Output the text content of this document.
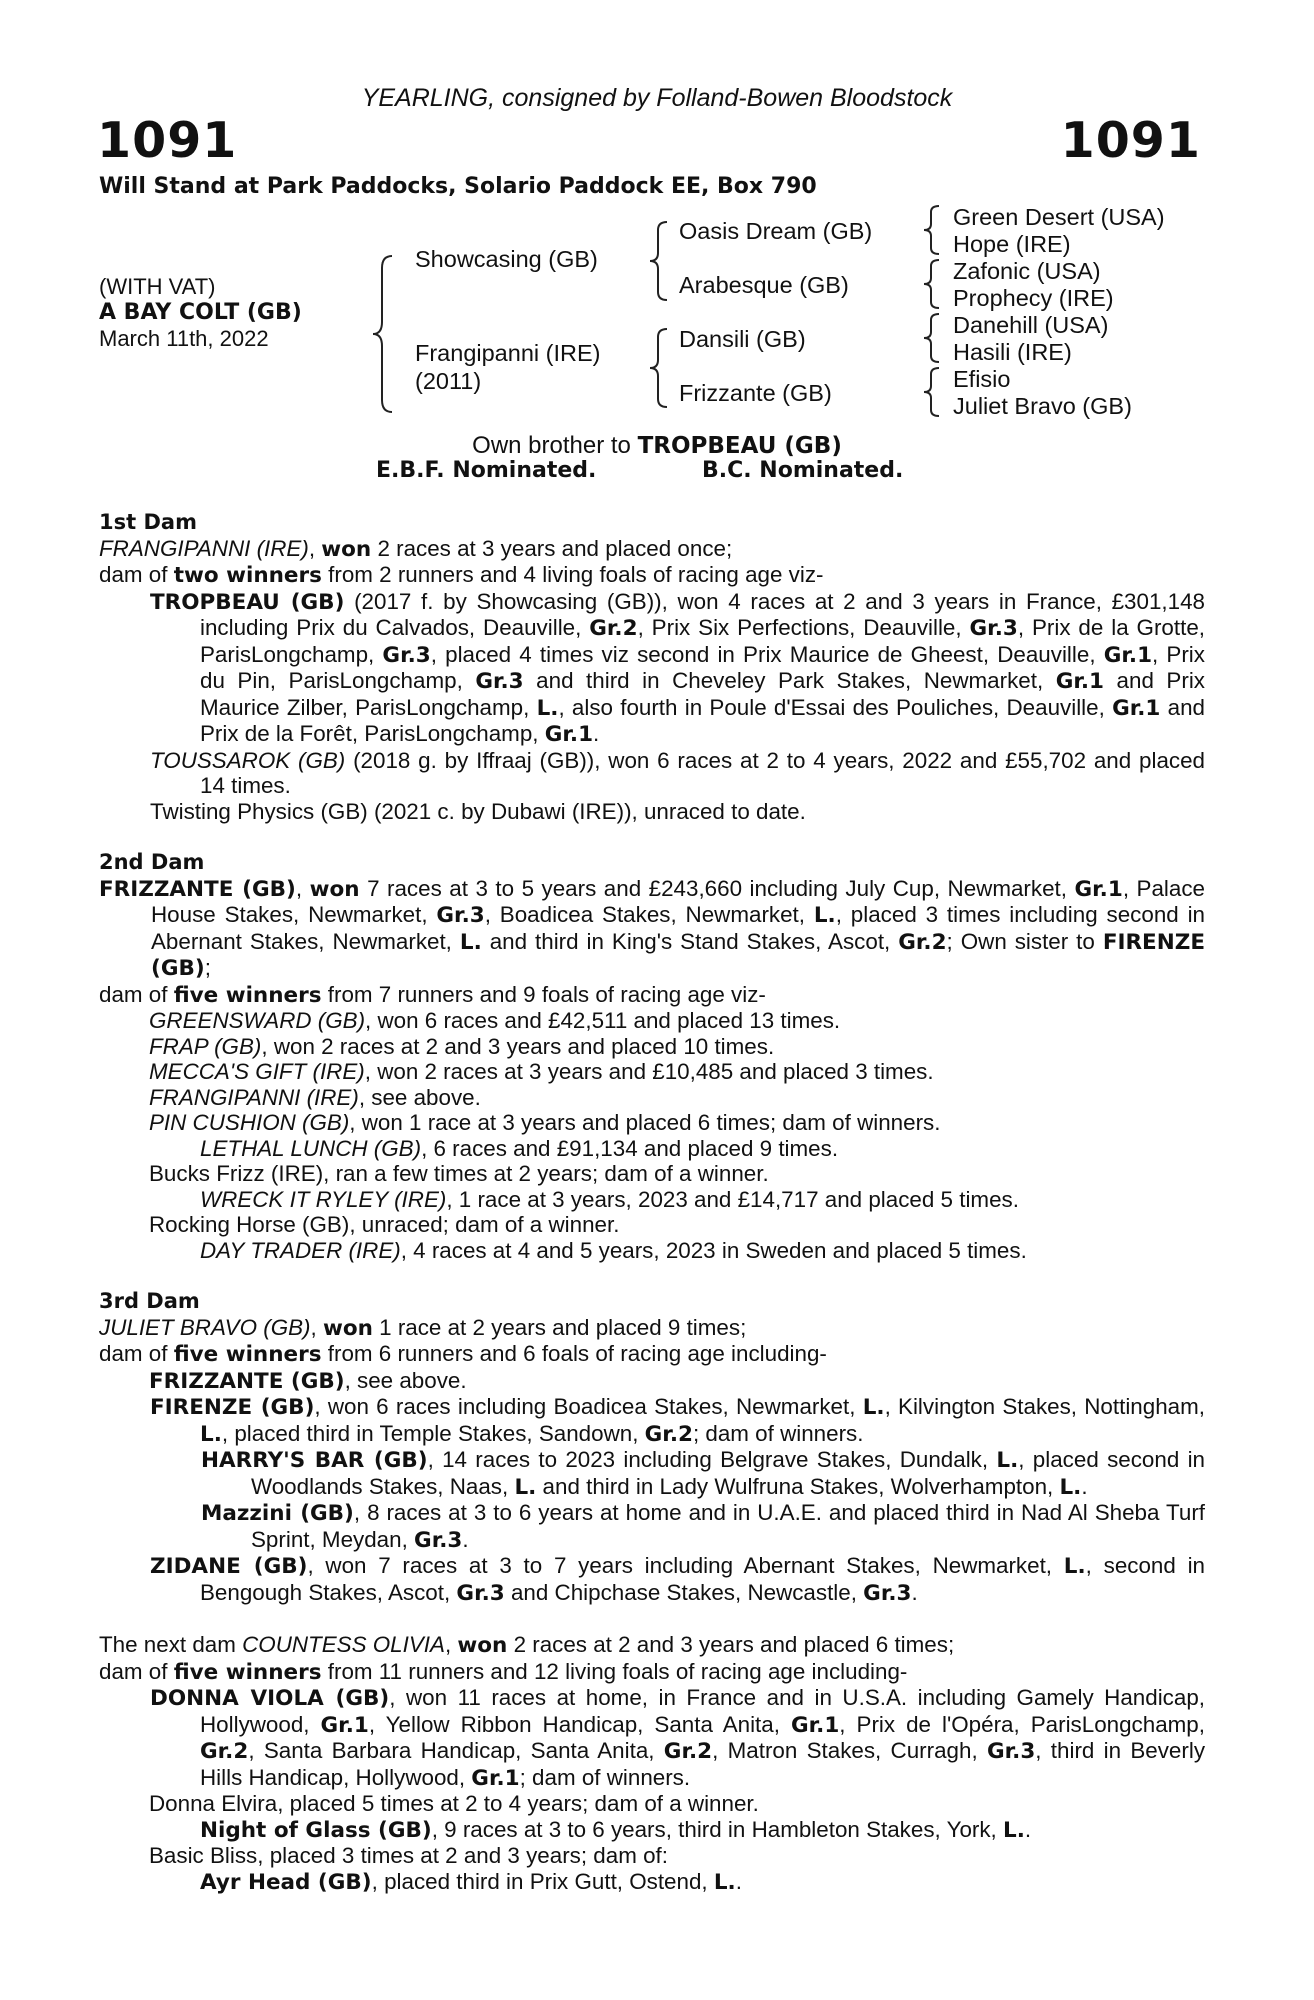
YEARLING, consigned by Folland-Bowen Bloodstock
1091	1091
Will Stand at Park Paddocks, Solario Paddock EE, Box 790
(WITH VAT)
A BAY COLT (GB)
March 11th, 2022
Showcasing (GB)
Frangipanni (IRE)
(2011)
Oasis Dream (GB)
Arabesque (GB)
Dansili (GB)
Frizzante (GB)
Green Desert (USA)
Hope (IRE)
Zafonic (USA)
Prophecy (IRE)
Danehill (USA)
Hasili (IRE)
Efisio
Juliet Bravo (GB)
Own brother to TROPBEAU (GB)
E.B.F. Nominated.	B.C. Nominated.
1st Dam

FRANGIPANNI (IRE), won 2 races at 3 years and placed once;

dam of two winners from 2 runners and 4 living foals of racing age viz-

TROPBEAU (GB) (2017 f. by Showcasing (GB)), won 4 races at 2 and 3 years in France, £301,148 including Prix du Calvados, Deauville, Gr.2, Prix Six Perfections, Deauville, Gr.3, Prix de la Grotte, ParisLongchamp, Gr.3, placed 4 times viz second in Prix Maurice de Gheest, Deauville, Gr.1, Prix du Pin, ParisLongchamp, Gr.3 and third in Cheveley Park Stakes, Newmarket, Gr.1 and Prix Maurice Zilber, ParisLongchamp, L., also fourth in Poule d'Essai des Pouliches, Deauville, Gr.1 and Prix de la Forêt, ParisLongchamp, Gr.1.

TOUSSAROK (GB) (2018 g. by Iffraaj (GB)), won 6 races at 2 to 4 years, 2022 and £55,702 and placed 14 times.

Twisting Physics (GB) (2021 c. by Dubawi (IRE)), unraced to date.

2nd Dam

FRIZZANTE (GB), won 7 races at 3 to 5 years and £243,660 including July Cup, Newmarket, Gr.1, Palace House Stakes, Newmarket, Gr.3, Boadicea Stakes, Newmarket, L., placed 3 times including second in Abernant Stakes, Newmarket, L. and third in King's Stand Stakes, Ascot, Gr.2; Own sister to FIRENZE (GB);

dam of five winners from 7 runners and 9 foals of racing age viz-

GREENSWARD (GB), won 6 races and £42,511 and placed 13 times.

FRAP (GB), won 2 races at 2 and 3 years and placed 10 times.

MECCA'S GIFT (IRE), won 2 races at 3 years and £10,485 and placed 3 times.

FRANGIPANNI (IRE), see above.

PIN CUSHION (GB), won 1 race at 3 years and placed 6 times; dam of winners.

LETHAL LUNCH (GB), 6 races and £91,134 and placed 9 times.

Bucks Frizz (IRE), ran a few times at 2 years; dam of a winner.

WRECK IT RYLEY (IRE), 1 race at 3 years, 2023 and £14,717 and placed 5 times.

Rocking Horse (GB), unraced; dam of a winner.

DAY TRADER (IRE), 4 races at 4 and 5 years, 2023 in Sweden and placed 5 times.

3rd Dam

JULIET BRAVO (GB), won 1 race at 2 years and placed 9 times;

dam of five winners from 6 runners and 6 foals of racing age including-

FRIZZANTE (GB), see above.

FIRENZE (GB), won 6 races including Boadicea Stakes, Newmarket, L., Kilvington Stakes, Nottingham, L., placed third in Temple Stakes, Sandown, Gr.2; dam of winners.

HARRY'S BAR (GB), 14 races to 2023 including Belgrave Stakes, Dundalk, L., placed second in Woodlands Stakes, Naas, L. and third in Lady Wulfruna Stakes, Wolverhampton, L..

Mazzini (GB), 8 races at 3 to 6 years at home and in U.A.E. and placed third in Nad Al Sheba Turf Sprint, Meydan, Gr.3.

ZIDANE (GB), won 7 races at 3 to 7 years including Abernant Stakes, Newmarket, L., second in Bengough Stakes, Ascot, Gr.3 and Chipchase Stakes, Newcastle, Gr.3.

The next dam COUNTESS OLIVIA, won 2 races at 2 and 3 years and placed 6 times;

dam of five winners from 11 runners and 12 living foals of racing age including-

DONNA VIOLA (GB), won 11 races at home, in France and in U.S.A. including Gamely Handicap, Hollywood, Gr.1, Yellow Ribbon Handicap, Santa Anita, Gr.1, Prix de l'Opéra, ParisLongchamp, Gr.2, Santa Barbara Handicap, Santa Anita, Gr.2, Matron Stakes, Curragh, Gr.3, third in Beverly Hills Handicap, Hollywood, Gr.1; dam of winners.

Donna Elvira, placed 5 times at 2 to 4 years; dam of a winner.

Night of Glass (GB), 9 races at 3 to 6 years, third in Hambleton Stakes, York, L..

Basic Bliss, placed 3 times at 2 and 3 years; dam of:

Ayr Head (GB), placed third in Prix Gutt, Ostend, L..
